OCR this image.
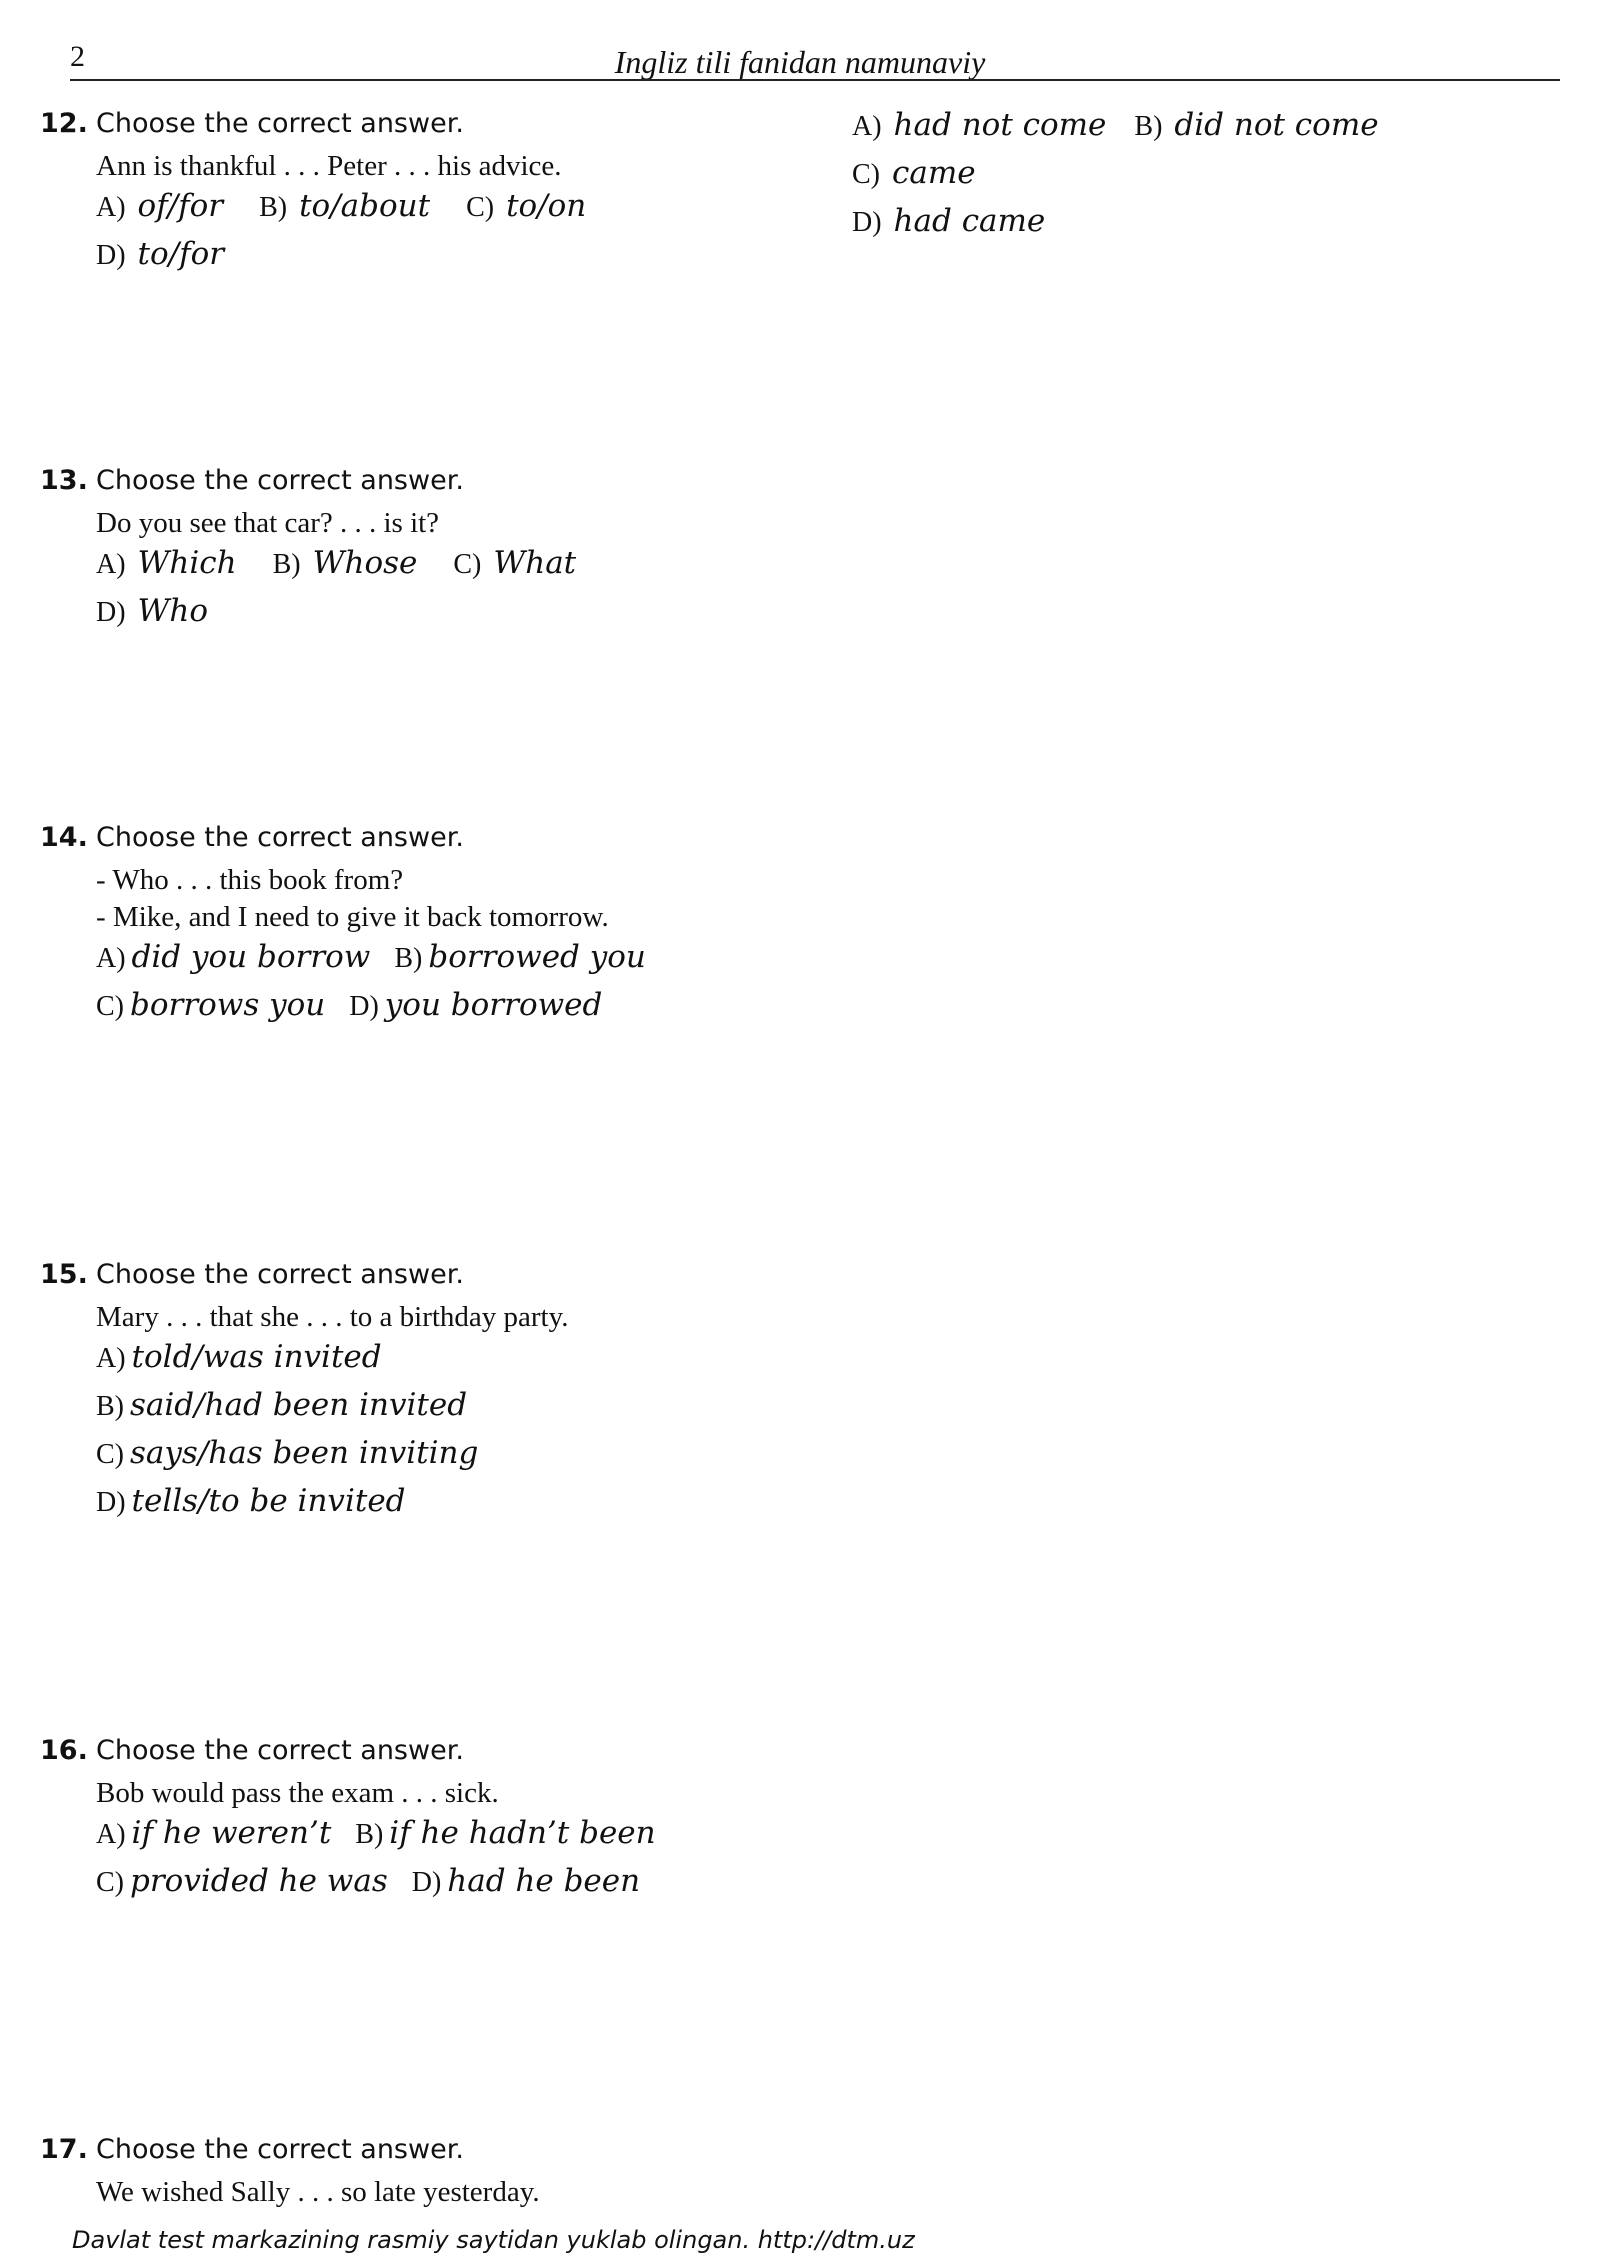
2	Ingliz tili fanidan namunaviy
12. Choose the correct answer.
Ann is thankful . . . Peter . . . his advice.
A) of/for B) to/about C) to/on
D) to/for
13. Choose the correct answer.
Do you see that car? . . . is it?
A) Which B) Whose C) What
D) Who
14. Choose the correct answer.
- Who . . . this book from?
- Mike, and I need to give it back tomorrow.
A) did you borrow B) borrowed you
C) borrows you D) you borrowed
15. Choose the correct answer.
Mary . . . that she . . . to a birthday party.
A) told/was invited
B) said/had been invited
C) says/has been inviting
D) tells/to be invited
16. Choose the correct answer.
Bob would pass the exam . . . sick.
A) if he weren’t B) if he hadn’t been
C) provided he was D) had he been
17. Choose the correct answer.
We wished Sally . . . so late yesterday.
A) had not come B) did not come
C) came
D) had came
Davlat test markazining rasmiy saytidan yuklab olingan. http://dtm.uz
